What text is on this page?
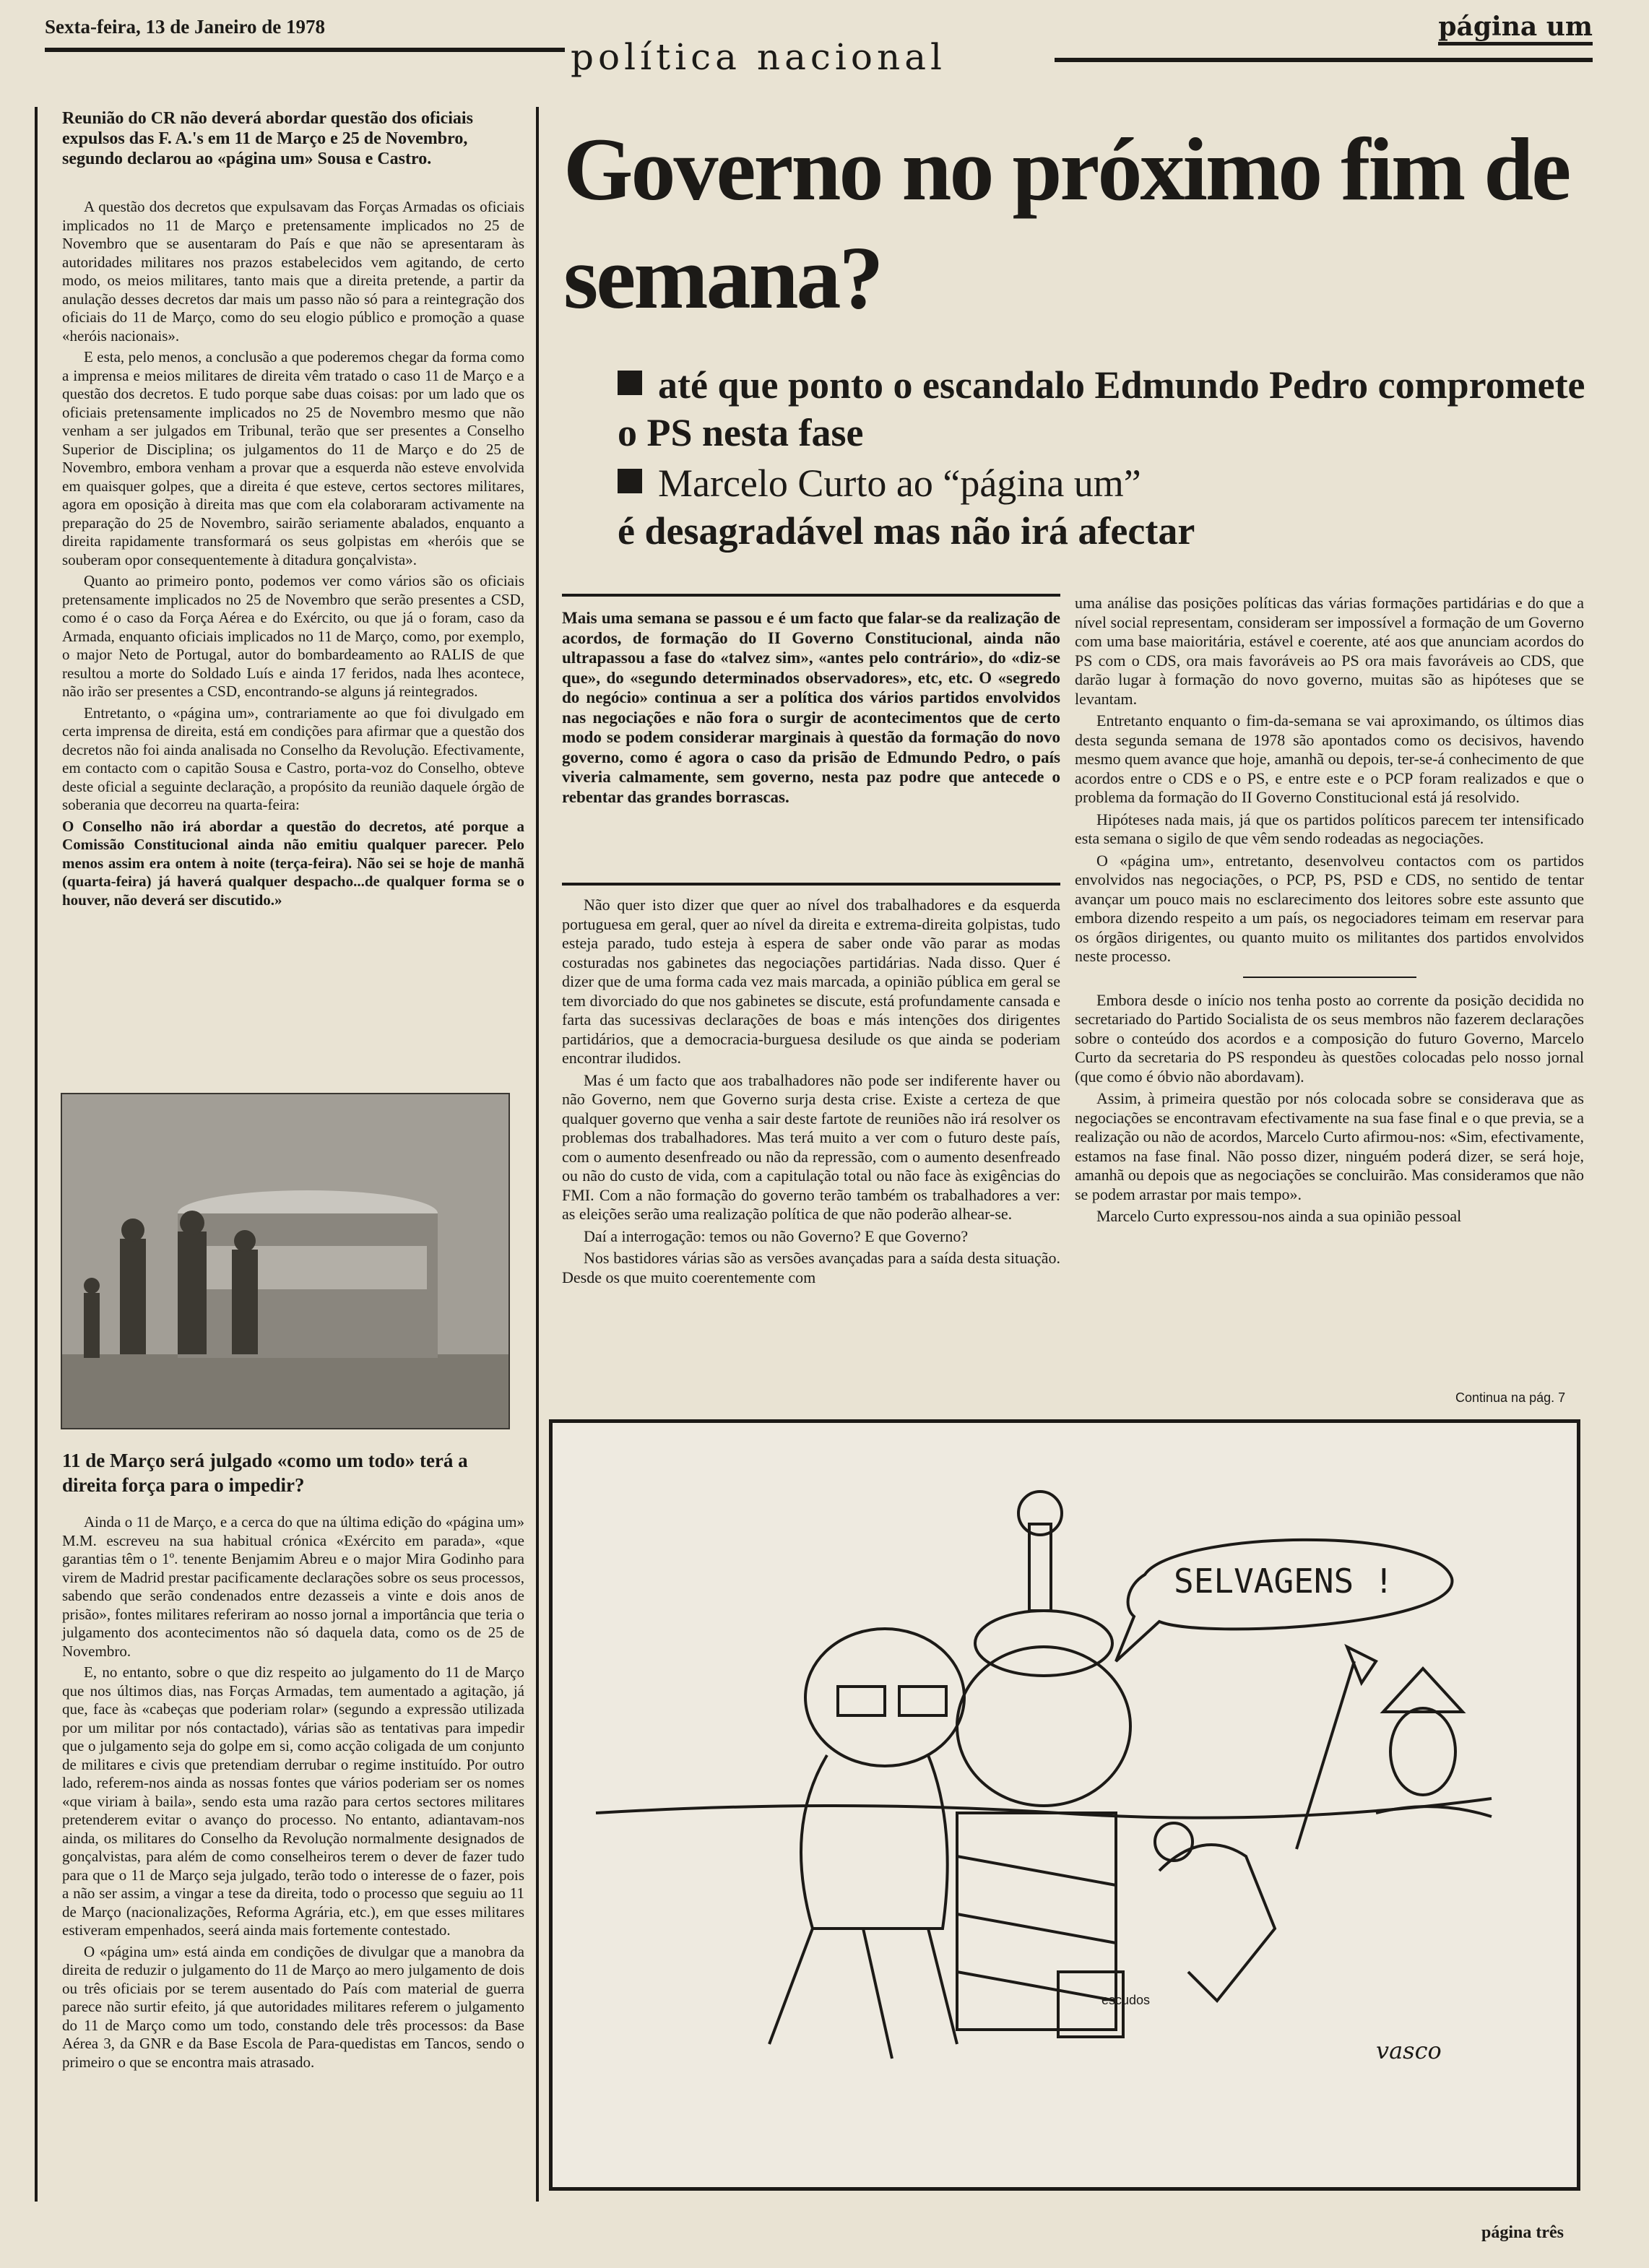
Sexta-feira, 13 de Janeiro de 1978
política nacional
página um
Reunião do CR não deverá abordar questão dos oficiais expulsos das F. A.'s em 11 de Março e 25 de Novembro, segundo declarou ao «página um» Sousa e Castro.

A questão dos decretos que expulsavam das Forças Armadas os oficiais implicados no 11 de Março e pretensamente implicados no 25 de Novembro que se ausentaram do País e que não se apresentaram às autoridades militares nos prazos estabelecidos vem agitando, de certo modo, os meios militares, tanto mais que a direita pretende, a partir da anulação desses decretos dar mais um passo não só para a reintegração dos oficiais do 11 de Março, como do seu elogio público e promoção a quase «heróis nacionais».

E esta, pelo menos, a conclusão a que poderemos chegar da forma como a imprensa e meios militares de direita vêm tratado o caso 11 de Março e a questão dos decretos. E tudo porque sabe duas coisas: por um lado que os oficiais pretensamente implicados no 25 de Novembro mesmo que não venham a ser julgados em Tribunal, terão que ser presentes a Conselho Superior de Disciplina; os julgamentos do 11 de Março e do 25 de Novembro, embora venham a provar que a esquerda não esteve envolvida em quaisquer golpes, que a direita é que esteve, certos sectores militares, agora em oposição à direita mas que com ela colaboraram activamente na preparação do 25 de Novembro, sairão seriamente abalados, enquanto a direita rapidamente transformará os seus golpistas em «heróis que se souberam opor consequentemente à ditadura gonçalvista».

Quanto ao primeiro ponto, podemos ver como vários são os oficiais pretensamente implicados no 25 de Novembro que serão presentes a CSD, como é o caso da Força Aérea e do Exército, ou que já o foram, caso da Armada, enquanto oficiais implicados no 11 de Março, como, por exemplo, o major Neto de Portugal, autor do bombardeamento ao RALIS de que resultou a morte do Soldado Luís e ainda 17 feridos, nada lhes acontece, não irão ser presentes a CSD, encontrando-se alguns já reintegrados.

Entretanto, o «página um», contrariamente ao que foi divulgado em certa imprensa de direita, está em condições para afirmar que a questão dos decretos não foi ainda analisada no Conselho da Revolução. Efectivamente, em contacto com o capitão Sousa e Castro, porta-voz do Conselho, obteve deste oficial a seguinte declaração, a propósito da reunião daquele órgão de soberania que decorreu na quarta-feira:

O Conselho não irá abordar a questão do decretos, até porque a Comissão Constitucional ainda não emitiu qualquer parecer. Pelo menos assim era ontem à noite (terça-feira). Não sei se hoje de manhã (quarta-feira) já haverá qualquer despacho...de qualquer forma se o houver, não deverá ser discutido.»

11 de Março será julgado «como um todo» terá a direita força para o impedir?

Ainda o 11 de Março, e a cerca do que na última edição do «página um» M.M. escreveu na sua habitual crónica «Exército em parada», «que garantias têm o 1º. tenente Benjamim Abreu e o major Mira Godinho para virem de Madrid prestar pacificamente declarações sobre os seus processos, sabendo que serão condenados entre dezasseis a vinte e dois anos de prisão», fontes militares referiram ao nosso jornal a importância que teria o julgamento dos acontecimentos não só daquela data, como os de 25 de Novembro.

E, no entanto, sobre o que diz respeito ao julgamento do 11 de Março que nos últimos dias, nas Forças Armadas, tem aumentado a agitação, já que, face às «cabeças que poderiam rolar» (segundo a expressão utilizada por um militar por nós contactado), várias são as tentativas para impedir que o julgamento seja do golpe em si, como acção coligada de um conjunto de militares e civis que pretendiam derrubar o regime instituído. Por outro lado, referem-nos ainda as nossas fontes que vários poderiam ser os nomes «que viriam à baila», sendo esta uma razão para certos sectores militares pretenderem evitar o avanço do processo. No entanto, adiantavam-nos ainda, os militares do Conselho da Revolução normalmente designados de gonçalvistas, para além de como conselheiros terem o dever de fazer tudo para que o 11 de Março seja julgado, terão todo o interesse de o fazer, pois a não ser assim, a vingar a tese da direita, todo o processo que seguiu ao 11 de Março (nacionalizações, Reforma Agrária, etc.), em que esses militares estiveram empenhados, seerá ainda mais fortemente contestado.

O «página um» está ainda em condições de divulgar que a manobra da direita de reduzir o julgamento do 11 de Março ao mero julgamento de dois ou três oficiais por se terem ausentado do País com material de guerra parece não surtir efeito, já que autoridades militares referem o julgamento do 11 de Março como um todo, constando dele três processos: da Base Aérea 3, da GNR e da Base Escola de Para-quedistas em Tancos, sendo o primeiro o que se encontra mais atrasado.

Governo no próximo fim de semana?
até que ponto o escandalo Edmundo Pedro compromete o PS nesta fase
Marcelo Curto ao “página um”
é desagradável mas não irá afectar
Mais uma semana se passou e é um facto que falar-se da realização de acordos, de formação do II Governo Constitucional, ainda não ultrapassou a fase do «talvez sim», «antes pelo contrário», do «diz-se que», do «segundo determinados observadores», etc, etc. O «segredo do negócio» continua a ser a política dos vários partidos envolvidos nas negociações e não fora o surgir de acontecimentos que de certo modo se podem considerar marginais à questão da formação do novo governo, como é agora o caso da prisão de Edmundo Pedro, o país viveria calmamente, sem governo, nesta paz podre que antecede o rebentar das grandes borrascas.

Não quer isto dizer que quer ao nível dos trabalhadores e da esquerda portuguesa em geral, quer ao nível da direita e extrema-direita golpistas, tudo esteja parado, tudo esteja à espera de saber onde vão parar as modas costuradas nos gabinetes das negociações partidárias. Nada disso. Quer é dizer que de uma forma cada vez mais marcada, a opinião pública em geral se tem divorciado do que nos gabinetes se discute, está profundamente cansada e farta das sucessivas declarações de boas e más intenções dos dirigentes partidários, que a democracia-burguesa desilude os que ainda se poderiam encontrar iludidos.

Mas é um facto que aos trabalhadores não pode ser indiferente haver ou não Governo, nem que Governo surja desta crise. Existe a certeza de que qualquer governo que venha a sair deste fartote de reuniões não irá resolver os problemas dos trabalhadores. Mas terá muito a ver com o futuro deste país, com o aumento desenfreado ou não da repressão, com o aumento desenfreado ou não do custo de vida, com a capitulação total ou não face às exigências do FMI. Com a não formação do governo terão também os trabalhadores a ver: as eleições serão uma realização política de que não poderão alhear-se.

Daí a interrogação: temos ou não Governo? E que Governo?

Nos bastidores várias são as versões avançadas para a saída desta situação. Desde os que muito coerentemente com

uma análise das posições políticas das várias formações partidárias e do que a nível social representam, consideram ser impossível a formação de um Governo com uma base maioritária, estável e coerente, até aos que anunciam acordos do PS com o CDS, ora mais favoráveis ao PS ora mais favoráveis ao CDS, que darão lugar à formação do novo governo, muitas são as hipóteses que se levantam.

Entretanto enquanto o fim-da-semana se vai aproximando, os últimos dias desta segunda semana de 1978 são apontados como os decisivos, havendo mesmo quem avance que hoje, amanhã ou depois, ter-se-á conhecimento de que acordos entre o CDS e o PS, e entre este e o PCP foram realizados e que o problema da formação do II Governo Constitucional está já resolvido.

Hipóteses nada mais, já que os partidos políticos parecem ter intensificado esta semana o sigilo de que vêm sendo rodeadas as negociações.

O «página um», entretanto, desenvolveu contactos com os partidos envolvidos nas negociações, o PCP, PS, PSD e CDS, no sentido de tentar avançar um pouco mais no esclarecimento dos leitores sobre este assunto que embora dizendo respeito a um país, os negociadores teimam em reservar para os órgãos dirigentes, ou quanto muito os militantes dos partidos envolvidos neste processo.

Embora desde o início nos tenha posto ao corrente da posição decidida no secretariado do Partido Socialista de os seus membros não fazerem declarações sobre o conteúdo dos acordos e a composição do futuro Governo, Marcelo Curto da secretaria do PS respondeu às questões colocadas pelo nosso jornal (que como é óbvio não abordavam).

Assim, à primeira questão por nós colocada sobre se considerava que as negociações se encontravam efectivamente na sua fase final e o que previa, se a realização ou não de acordos, Marcelo Curto afirmou-nos: «Sim, efectivamente, estamos na fase final. Não posso dizer, ninguém poderá dizer, se será hoje, amanhã ou depois que as negociações se concluirão. Mas consideramos que não se podem arrastar por mais tempo».

Marcelo Curto expressou-nos ainda a sua opinião pessoal

Continua na pág. 7
SELVAGENS !
escudos
vasco
página três
